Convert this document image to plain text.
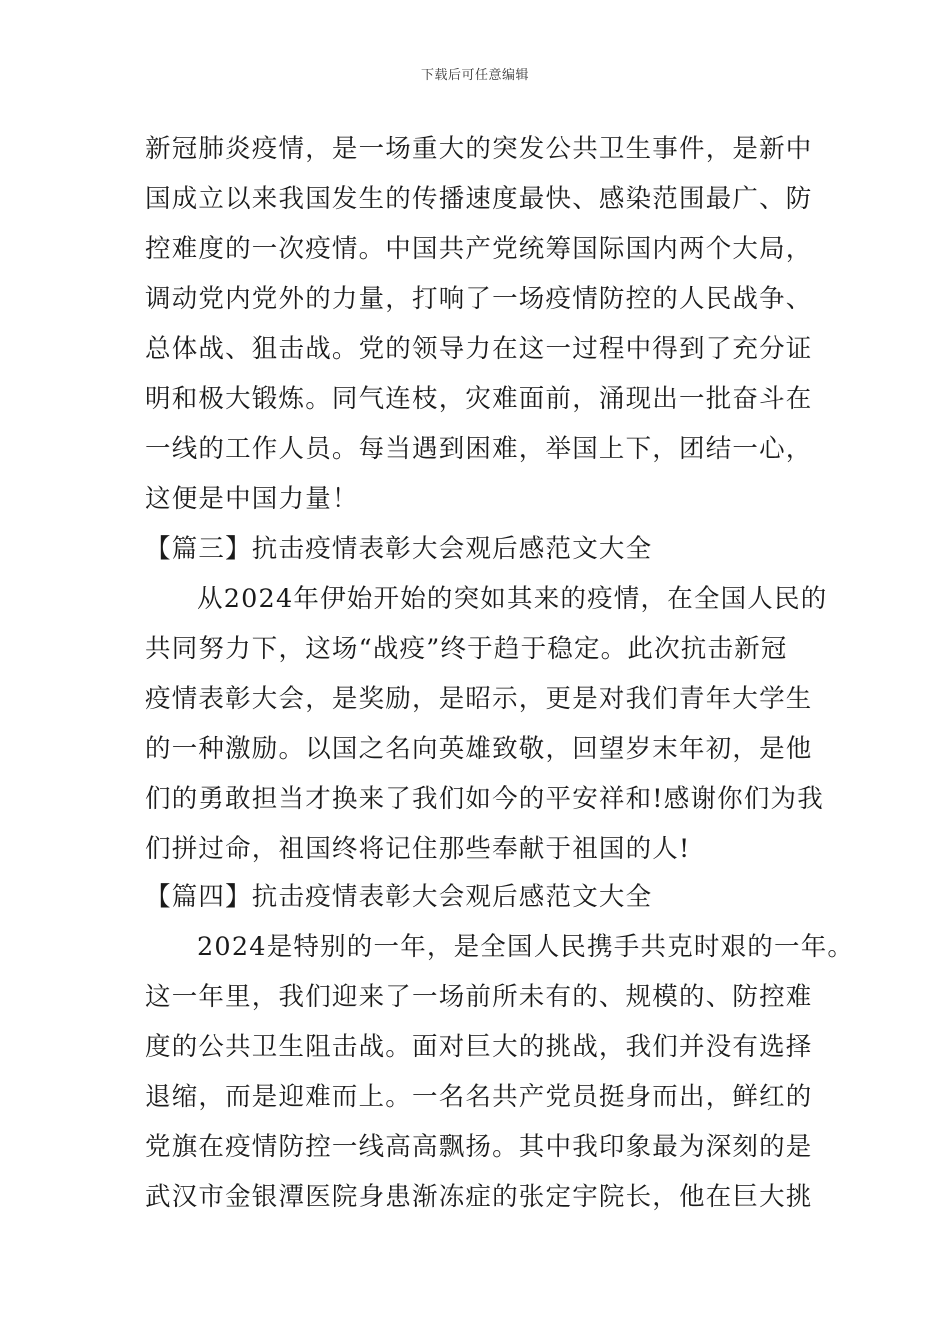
下载后可任意编辑
新冠肺炎疫情，是一场重大的突发公共卫生事件，是新中
国成立以来我国发生的传播速度最快、感染范围最广、防
控难度的一次疫情。中国共产党统筹国际国内两个大局，
调动党内党外的力量，打响了一场疫情防控的人民战争、
总体战、狙击战。党的领导力在这一过程中得到了充分证
明和极大锻炼。同气连枝，灾难面前，涌现出一批奋斗在
一线的工作人员。每当遇到困难，举国上下，团结一心，
这便是中国力量！
【篇三】抗击疫情表彰大会观后感范文大全
从2024年伊始开始的突如其来的疫情，在全国人民的
共同努力下，这场“战疫”终于趋于稳定。此次抗击新冠
疫情表彰大会，是奖励，是昭示，更是对我们青年大学生
的一种激励。以国之名向英雄致敬，回望岁末年初，是他
们的勇敢担当才换来了我们如今的平安祥和!感谢你们为我
们拼过命，祖国终将记住那些奉献于祖国的人!
【篇四】抗击疫情表彰大会观后感范文大全
2024是特别的一年，是全国人民携手共克时艰的一年。
这一年里，我们迎来了一场前所未有的、规模的、防控难
度的公共卫生阻击战。面对巨大的挑战，我们并没有选择
退缩，而是迎难而上。一名名共产党员挺身而出，鲜红的
党旗在疫情防控一线高高飘扬。其中我印象最为深刻的是
武汉市金银潭医院身患渐冻症的张定宇院长，他在巨大挑
